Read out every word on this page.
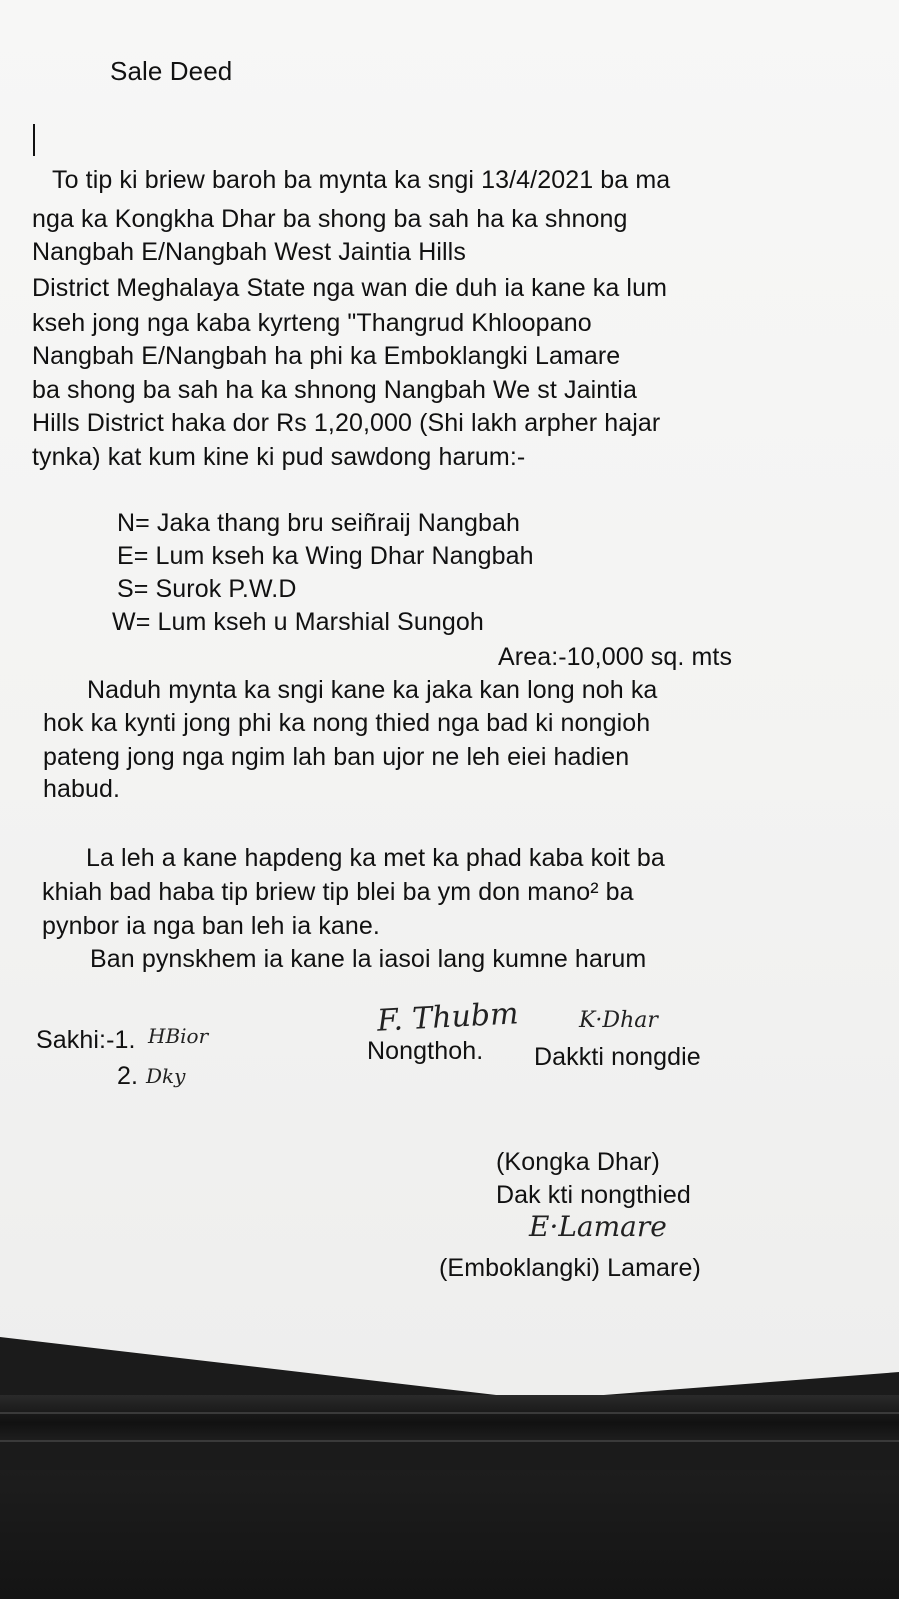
Sale Deed
To tip ki briew baroh ba mynta ka sngi 13/4/2021 ba ma
nga ka Kongkha Dhar ba shong ba sah ha ka shnong
Nangbah E/Nangbah West Jaintia Hills
District Meghalaya State nga wan die duh ia kane ka lum
kseh jong nga kaba kyrteng "Thangrud Khloopano
Nangbah E/Nangbah ha phi ka Emboklangki Lamare
ba shong ba sah ha ka shnong Nangbah We st Jaintia
Hills District haka dor Rs 1,20,000 (Shi lakh arpher hajar
tynka) kat kum kine ki pud sawdong harum:-
N= Jaka thang bru seiñraij Nangbah
E= Lum kseh ka Wing Dhar Nangbah
S= Surok P.W.D
W= Lum kseh u Marshial Sungoh
Area:-10,000 sq. mts
Naduh mynta ka sngi kane ka jaka kan long noh ka
hok ka kynti jong phi ka nong thied nga bad ki nongioh
pateng jong nga ngim lah ban ujor ne leh eiei hadien
habud.
La leh a kane hapdeng ka met ka phad kaba koit ba
khiah bad haba tip briew tip blei ba ym don mano² ba
pynbor ia nga ban leh ia kane.
Ban pynskhem ia kane la iasoi lang kumne harum
F. Thubm	K·Dhar
Nongthoh. Dakkti nongdie
Sakhi:-1. HBior
2. Dky
(Kongka Dhar)
Dak kti nongthied
E·Lamare
(Emboklangki) Lamare)
